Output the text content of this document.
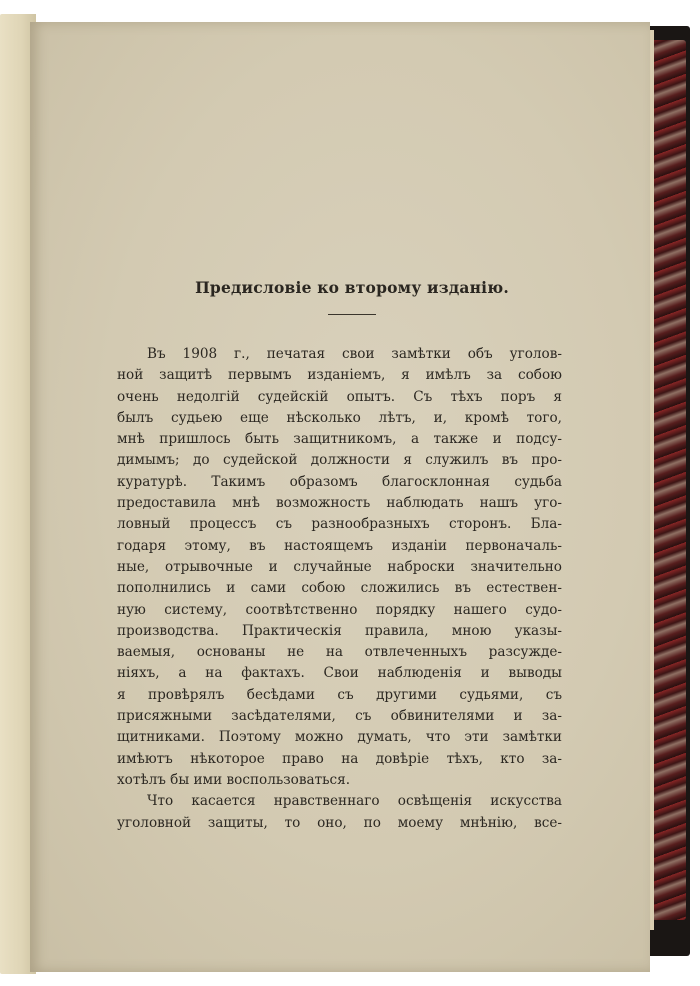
Предисловіе ко второму изданію.
Въ 1908 г., печатая свои замѣтки объ уголов-
ной защитѣ первымъ изданіемъ, я имѣлъ за собою
очень недолгій судейскій опытъ. Съ тѣхъ поръ я
былъ судьею еще нѣсколько лѣтъ, и, кромѣ того,
мнѣ пришлось быть защитникомъ, а также и подсу-
димымъ; до судейской должности я служилъ въ про-
куратурѣ. Такимъ образомъ благосклонная судьба
предоставила мнѣ возможность наблюдать нашъ уго-
ловный процессъ съ разнообразныхъ сторонъ. Бла-
годаря этому, въ настоящемъ изданіи первоначаль-
ные, отрывочные и случайные наброски значительно
пополнились и сами собою сложились въ естествен-
ную систему, соотвѣтственно порядку нашего судо-
производства. Практическія правила, мною указы-
ваемыя, основаны не на отвлеченныхъ разсужде-
ніяхъ, а на фактахъ. Свои наблюденія и выводы
я провѣрялъ бесѣдами съ другими судьями, съ
присяжными засѣдателями, съ обвинителями и за-
щитниками. Поэтому можно думать, что эти замѣтки
имѣютъ нѣкоторое право на довѣріе тѣхъ, кто за-
хотѣлъ бы ими воспользоваться.
Что касается нравственнаго освѣщенія искусства
уголовной защиты, то оно, по моему мнѣнію, все-
